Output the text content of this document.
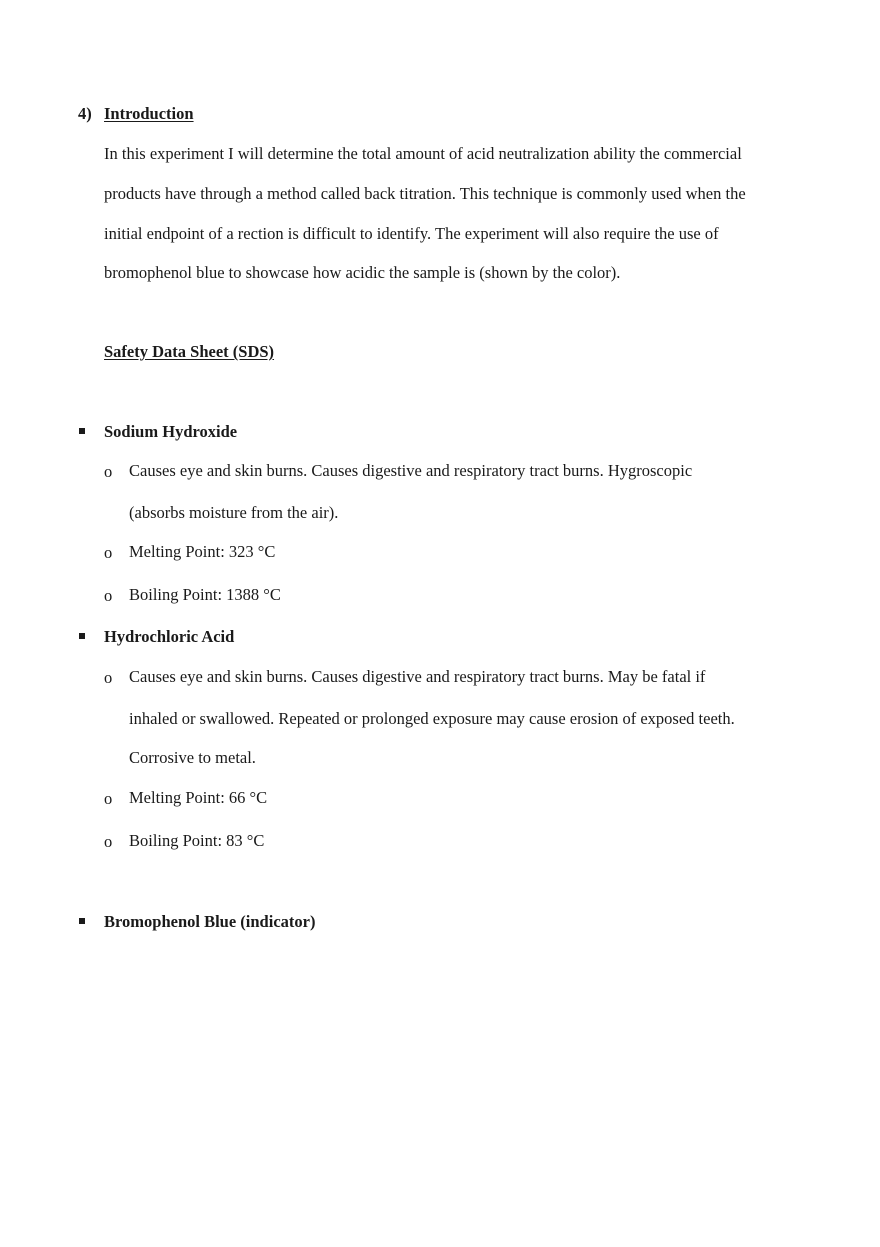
4) Introduction
In this experiment I will determine the total amount of acid neutralization ability the commercial
products have through a method called back titration. This technique is commonly used when the
initial endpoint of a rection is difficult to identify. The experiment will also require the use of
bromophenol blue to showcase how acidic the sample is (shown by the color).
Safety Data Sheet (SDS)
Sodium Hydroxide
o Causes eye and skin burns. Causes digestive and respiratory tract burns. Hygroscopic
(absorbs moisture from the air).
o Melting Point: 323 °C
o Boiling Point: 1388 °C
Hydrochloric Acid
o Causes eye and skin burns. Causes digestive and respiratory tract burns. May be fatal if
inhaled or swallowed. Repeated or prolonged exposure may cause erosion of exposed teeth.
Corrosive to metal.
o Melting Point: 66 °C
o Boiling Point: 83 °C
Bromophenol Blue (indicator)
